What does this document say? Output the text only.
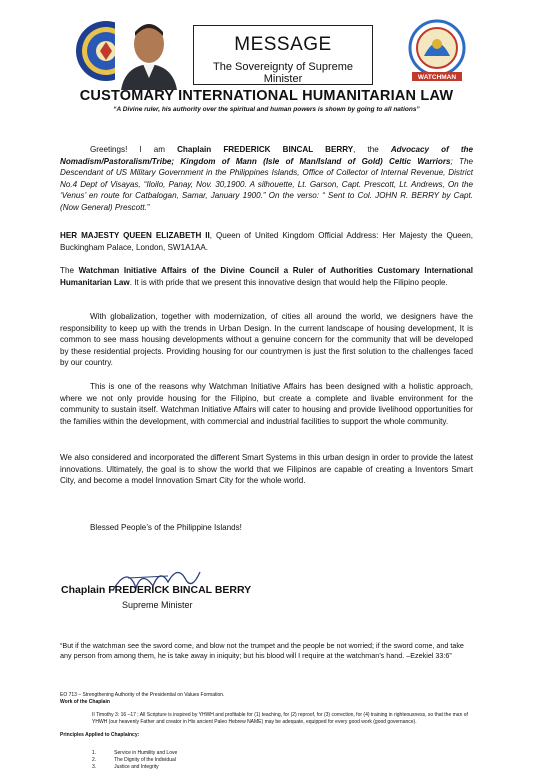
MESSAGE
The Sovereignty of Supreme Minister	WATCHMAN
CUSTOMARY INTERNATIONAL HUMANITARIAN LAW
“A Divine ruler, his authority over the spiritual and human powers is shown by going to all nations”
Greetings! I am Chaplain FREDERICK BINCAL BERRY, the Advocacy of the Nomadism/Pastoralism/Tribe; Kingdom of Mann (Isle of Man/Island of Gold) Celtic Warriors; The Descendant of US Military Government in the Philippines Islands, Office of Collector of Internal Revenue, District No.4 Dept of Visayas, “Iloilo, Panay, Nov. 30,1900. A silhouette, Lt. Garson, Capt. Prescott, Lt. Andrews, On the ‘Venus’ en route for Catbalogan, Samar, January 1900.” On the verso: “ Sent to Col. JOHN R. BERRY by Capt. (Now General) Prescott.”
HER MAJESTY QUEEN ELIZABETH II, Queen of United Kingdom Official Address: Her Majesty the Queen, Buckingham Palace, London, SW1A1AA.
The Watchman Initiative Affairs of the Divine Council a Ruler of Authorities Customary International Humanitarian Law. It is with pride that we present this innovative design that would help the Filipino people.
With globalization, together with modernization, of cities all around the world, we designers have the responsibility to keep up with the trends in Urban Design. In the current landscape of housing development, It is common to see mass housing developments without a genuine concern for the community that will be developed by these residential projects. Providing housing for our countrymen is just the first solution to the challenges faced by our country.
This is one of the reasons why Watchman Initiative Affairs has been designed with a holistic approach, where we not only provide housing for the Filipino, but create a complete and livable environment for the community to sustain itself. Watchman Initiative Affairs will cater to housing and provide livelihood opportunities for the families within the development, with commercial and industrial facilities to support the whole community.
We also considered and incorporated the different Smart Systems in this urban design in order to provide the latest innovations. Ultimately, the goal is to show the world that we Filipinos are capable of creating a Inventors Smart City, and become a model Innovation Smart City for the whole world.
Blessed People’s of the Philippine Islands!
Chaplain FREDERICK BINCAL BERRY
Supreme Minister
“But if the watchman see the sword come, and blow not the trumpet and the people be not worried; if the sword come, and take any person from among them, he is take away in iniquity; but his blood will I require at the watchman’s hand. –Ezekiel 33:6”
EO 713 – Strengthening Authority of the Presidential on Values Formation.
Work of the Chaplain
II Timothy 3: 16 –17 ; All Scripture is inspired by YHWH and profitable for (1) teaching, for (2) reproof, for (3) correction, for (4) training in righteousness, so that the man of YHWH (our heavenly Father and creator in His ancient Paleo Hebrew NAME) may be adequate, equipped for every good work (good governance).
Principles Applied to Chaplaincy:
1.	Service in Humility and Love
2.	The Dignity of the Individual
3.	Justice and Integrity
